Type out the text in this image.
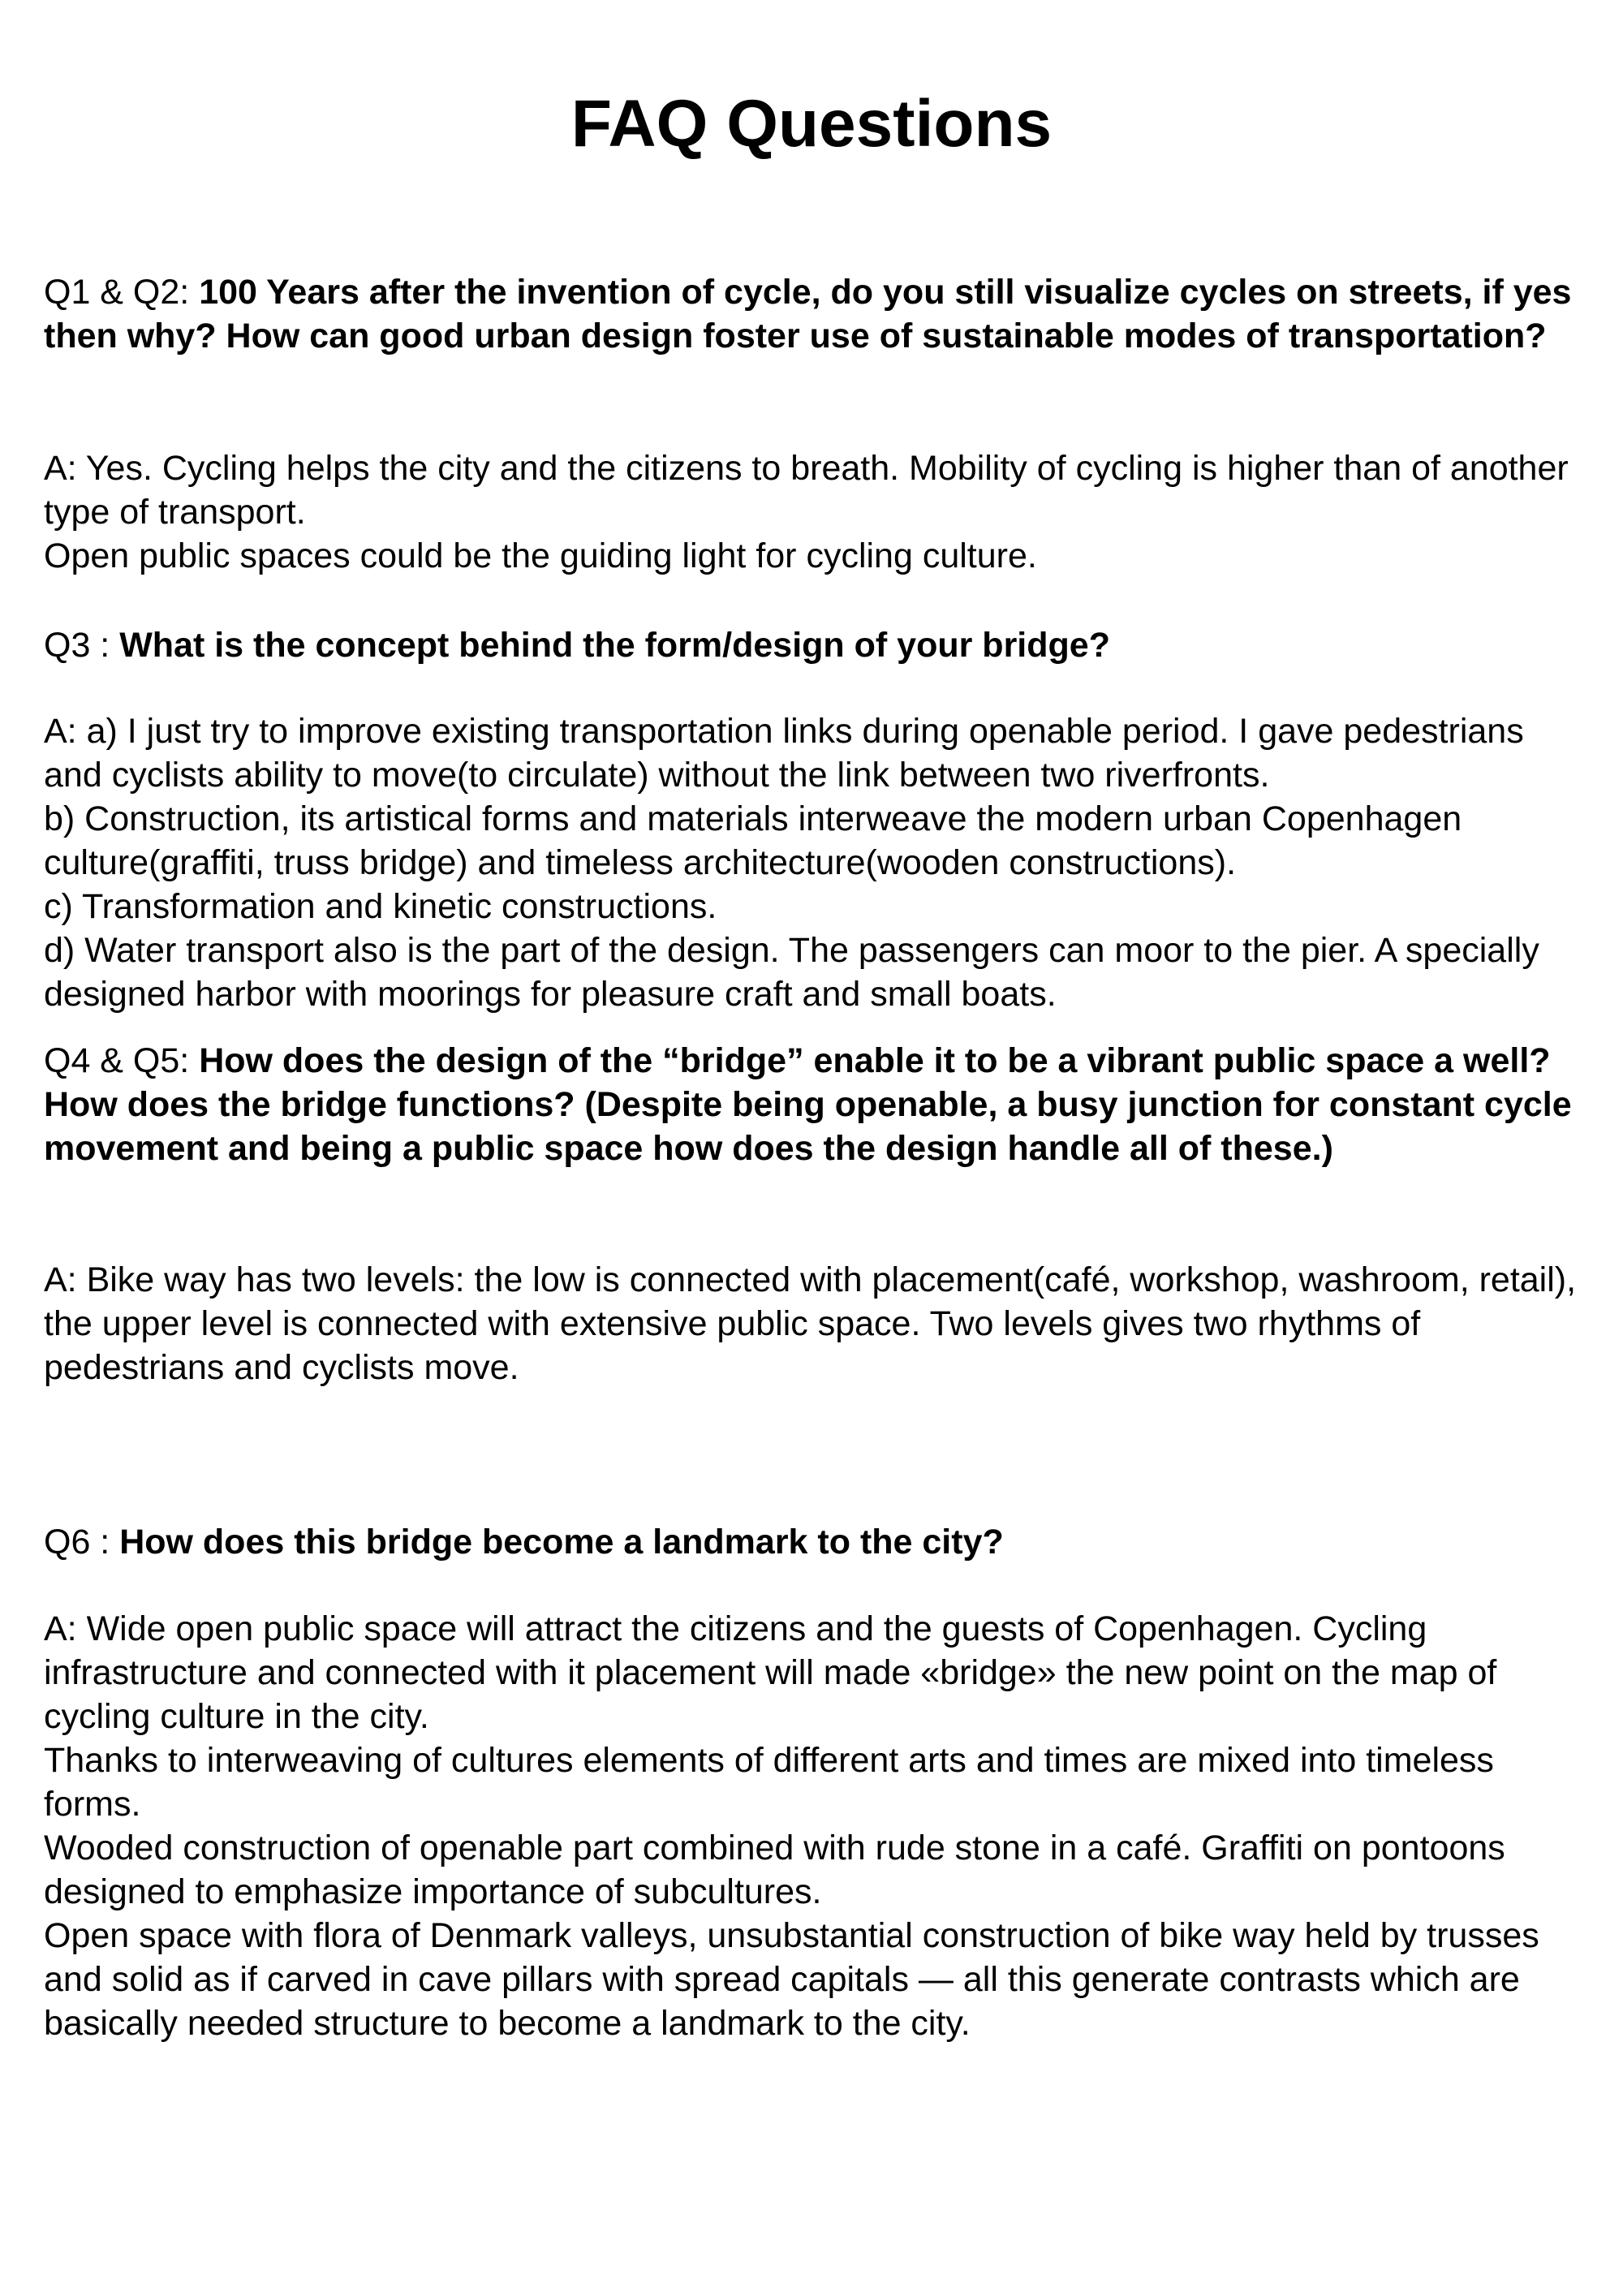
FAQ Questions

Q1 & Q2: 100 Years after the invention of cycle, do you still visualize cycles on streets, if yes then why? How can good urban design foster use of sustainable modes of transportation?

A: Yes. Cycling helps the city and the citizens to breath. Mobility of cycling is higher than of another type of transport.

Open public spaces could be the guiding light for cycling culture.

Q3 : What is the concept behind the form/design of your bridge?

A: a) I just try to improve existing transportation links during openable period. I gave pedestrians and cyclists ability to move(to circulate) without the link between two riverfronts.

b) Construction, its artistical forms and materials interweave the modern urban Copenhagen culture(graffiti, truss bridge) and timeless architecture(wooden constructions).

c) Transformation and kinetic constructions.

d) Water transport also is the part of the design. The passengers can moor to the pier. A specially designed harbor with moorings for pleasure craft and small boats.

Q4 & Q5: How does the design of the “bridge” enable it to be a vibrant public space a well? How does the bridge functions? (Despite being openable, a busy junction for constant cycle movement and being a public space how does the design handle all of these.)

A: Bike way has two levels: the low is connected with placement(café, workshop, washroom, retail), the upper level is connected with extensive public space. Two levels gives two rhythms of pedestrians and cyclists move.

Q6 : How does this bridge become a landmark to the city?

A: Wide open public space will attract the citizens and the guests of Copenhagen. Cycling infrastructure and connected with it placement will made «bridge» the new point on the map of cycling culture in the city.

Thanks to interweaving of cultures elements of different arts and times are mixed into timeless forms.

Wooded construction of openable part combined with rude stone in a café. Graffiti on pontoons designed to emphasize importance of subcultures.

Open space with flora of Denmark valleys, unsubstantial construction of bike way held by trusses and solid as if carved in cave pillars with spread capitals — all this generate contrasts which are basically needed structure to become a landmark to the city.
